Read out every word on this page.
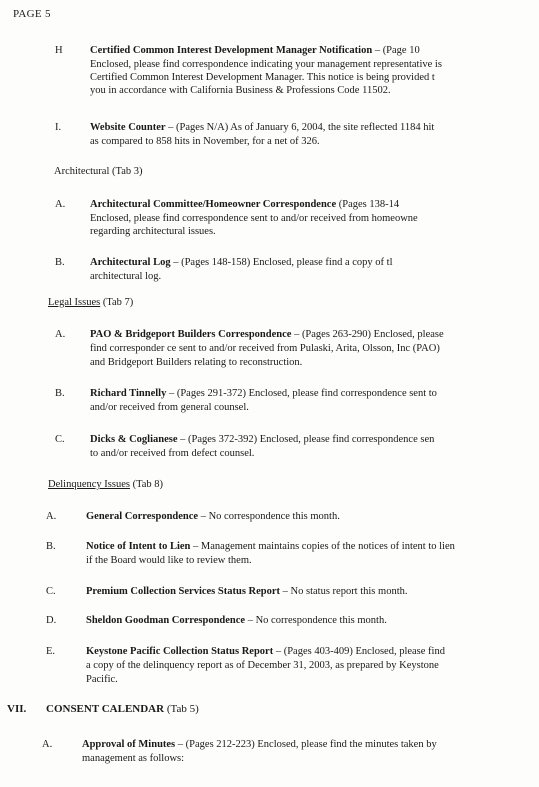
PAGE 5
H	Certified Common Interest Development Manager Notification – (Page 10
Enclosed, please find correspondence indicating your management representative is
Certified Common Interest Development Manager. This notice is being provided t
you in accordance with California Business & Professions Code 11502.
I.	Website Counter – (Pages N/A) As of January 6, 2004, the site reflected 1184 hit
as compared to 858 hits in November, for a net of 326.
Architectural (Tab 3)
A. Architectural Committee/Homeowner Correspondence (Pages 138-14
Enclosed, please find correspondence sent to and/or received from homeowne
regarding architectural issues.
B. Architectural Log – (Pages 148-158) Enclosed, please find a copy of tl
architectural log.
Legal Issues (Tab 7)
A. PAO & Bridgeport Builders Correspondence – (Pages 263-290) Enclosed, please
find corresponder ce sent to and/or received from Pulaski, Arita, Olsson, Inc (PAO)
and Bridgeport Builders relating to reconstruction.
B. Richard Tinnelly – (Pages 291-372) Enclosed, please find correspondence sent to
and/or received from general counsel.
C. Dicks & Coglianese – (Pages 372-392) Enclosed, please find correspondence sen
to and/or received from defect counsel.
Delinquency Issues (Tab 8)
A.	General Correspondence – No correspondence this month.
B.	Notice of Intent to Lien – Management maintains copies of the notices of intent to lien
if the Board would like to review them.
C.	Premium Collection Services Status Report – No status report this month.
D.	Sheldon Goodman Correspondence – No correspondence this month.
E.	Keystone Pacific Collection Status Report – (Pages 403-409) Enclosed, please find
a copy of the delinquency report as of December 31, 2003, as prepared by Keystone
Pacific.
VII. CONSENT CALENDAR (Tab 5)
A.	Approval of Minutes – (Pages 212-223) Enclosed, please find the minutes taken by
management as follows:
